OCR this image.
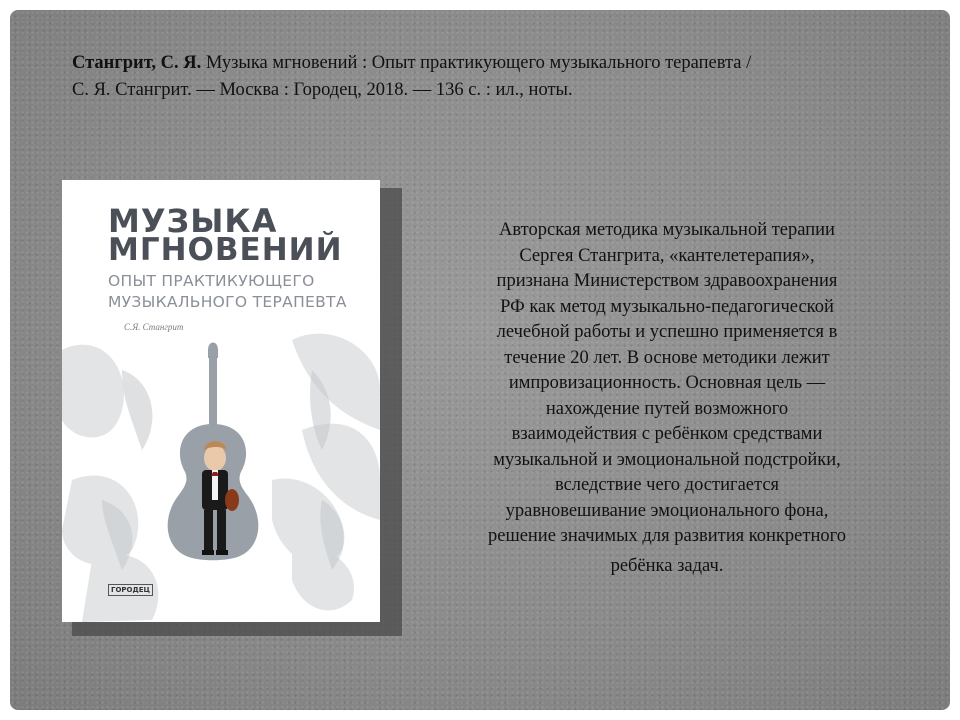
Стангрит, С. Я. Музыка мгновений : Опыт практикующего музыкального терапевта /
С. Я. Стангрит. — Москва : Городец, 2018. — 136 с. : ил., ноты.
МУЗЫКА
МГНОВЕНИЙ
ОПЫТ ПРАКТИКУЮЩЕГО
МУЗЫКАЛЬНОГО ТЕРАПЕВТА
С.Я. Стангрит
ГОРОДЕЦ
Авторская методика музыкальной терапии
Сергея Стангрита, «кантелетерапия»,
признана Министерством здравоохранения
РФ как метод музыкально-педагогической
лечебной работы и успешно применяется в
течение 20 лет. В основе методики лежит
импровизационность. Основная цель —
нахождение путей возможного
взаимодействия с ребёнком средствами
музыкальной и эмоциональной подстройки,
вследствие чего достигается
уравновешивание эмоционального фона,
решение значимых для развития конкретного
ребёнка задач.
